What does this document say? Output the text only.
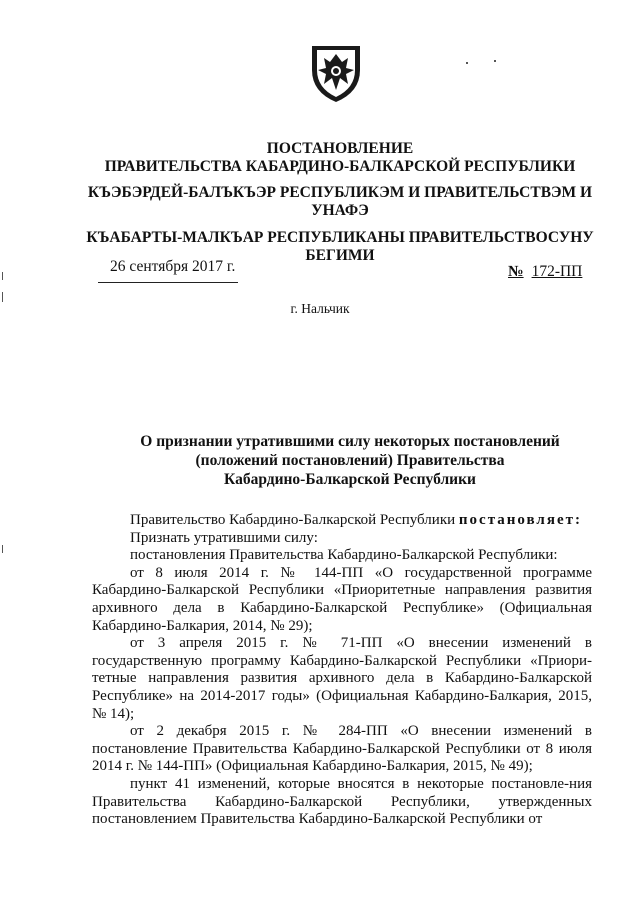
ПОСТАНОВЛЕНИЕ
ПРАВИТЕЛЬСТВА КАБАРДИНО-БАЛКАРСКОЙ РЕСПУБЛИКИ
КЪЭБЭРДЕЙ-БАЛЪКЪЭР РЕСПУБЛИКЭМ И ПРАВИТЕЛЬСТВЭМ И
УНАФЭ
КЪАБАРТЫ-МАЛКЪАР РЕСПУБЛИКАНЫ ПРАВИТЕЛЬСТВОСУНУ
БЕГИМИ
26 сентября 2017 г.	№ 172-ПП
г. Нальчик
О признании утратившими силу некоторых постановлений
(положений постановлений) Правительства
Кабардино-Балкарской Республики

Правительство Кабардино-Балкарской Республики постановляет:

Признать утратившими силу:

постановления Правительства Кабардино-Балкарской Республики:

от 8 июля 2014 г. № 144-ПП «О государственной программе Кабардино-Балкарской Республики «Приоритетные направления развития архивного дела в Кабардино-Балкарской Республике» (Официальная Кабардино-Балкария, 2014, № 29);

от 3 апреля 2015 г. № 71-ПП «О внесении изменений в государственную программу Кабардино-Балкарской Республики «Приори-тетные направления развития архивного дела в Кабардино-Балкарской Республике» на 2014-2017 годы» (Официальная Кабардино-Балкария, 2015, № 14);

от 2 декабря 2015 г. № 284-ПП «О внесении изменений в постановление Правительства Кабардино-Балкарской Республики от 8 июля 2014 г. № 144-ПП» (Официальная Кабардино-Балкария, 2015, № 49);

пункт 41 изменений, которые вносятся в некоторые постановле-ния Правительства Кабардино-Балкарской Республики, утвержденных постановлением Правительства Кабардино-Балкарской Республики от
